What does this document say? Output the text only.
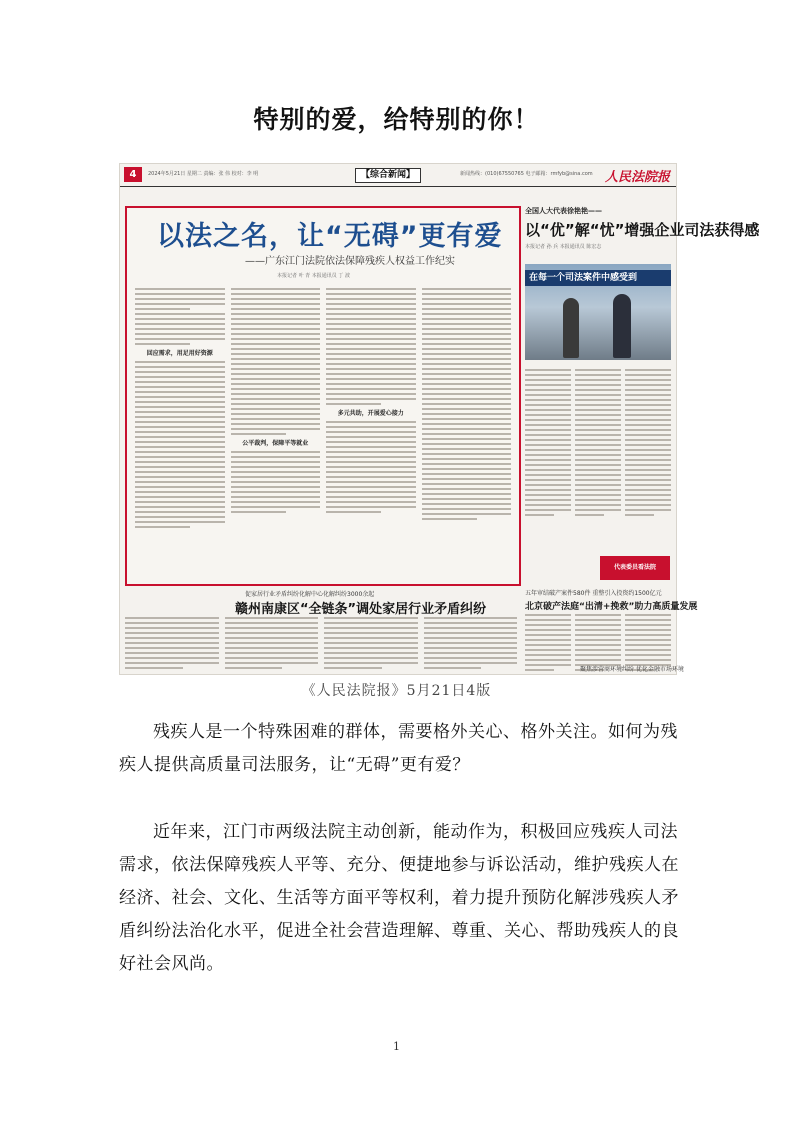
特别的爱，给特别的你！
4	2024年5月21日 星期二 责编：张 伟 校对：李 明	【综合新闻】	新闻热线：(010)67550765 电子邮箱：rmfyb@sina.com 人民法院报
以法之名，让“无碍”更有爱
——广东江门法院依法保障残疾人权益工作纪实
本报记者 叶 青 本报通讯员 丁 波
回应需求，用足用好资源
公平裁判，保障平等就业
多元共助，开展爱心接力
全国人大代表徐艳艳——
以“优”解“忧”增强企业司法获得感
本报记者 孙 兵 本报通讯员 陈宏志
在每一个司法案件中感受到
代表委员看法院
五年审结破产案件580件 重整引入投资约1500亿元
北京破产法庭“出清+挽救”助力高质量发展
促家居行业矛盾纠纷化解中心化解纠纷3000余起
赣州南康区“全链条”调处家居行业矛盾纠纷
聚焦涉营商环境纠纷 优化金融市场环境
《人民法院报》5月21日4版
残疾人是一个特殊困难的群体，需要格外关心、格外关注。如何为残疾人提供高质量司法服务，让“无碍”更有爱？
近年来，江门市两级法院主动创新，能动作为，积极回应残疾人司法需求，依法保障残疾人平等、充分、便捷地参与诉讼活动，维护残疾人在经济、社会、文化、生活等方面平等权利，着力提升预防化解涉残疾人矛盾纠纷法治化水平，促进全社会营造理解、尊重、关心、帮助残疾人的良好社会风尚。
1
